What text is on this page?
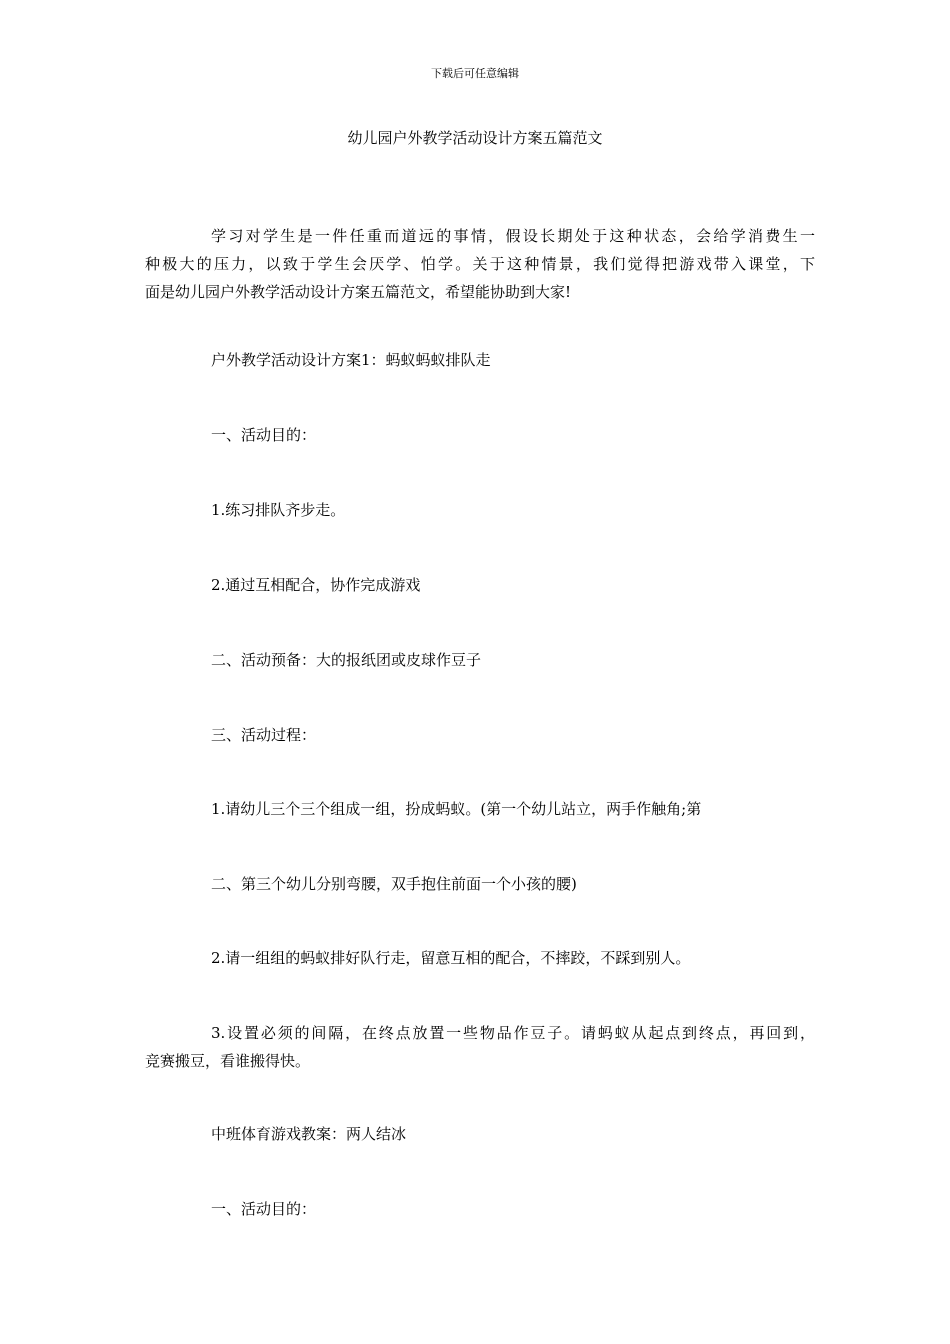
下载后可任意编辑
幼儿园户外教学活动设计方案五篇范文
学习对学生是一件任重而道远的事情，假设长期处于这种状态，会给学消费生一
种极大的压力，以致于学生会厌学、怕学。关于这种情景，我们觉得把游戏带入课堂，下
面是幼儿园户外教学活动设计方案五篇范文，希望能协助到大家!
户外教学活动设计方案1：蚂蚁蚂蚁排队走
一、活动目的：
1.练习排队齐步走。
2.通过互相配合，协作完成游戏
二、活动预备：大的报纸团或皮球作豆子
三、活动过程：
1.请幼儿三个三个组成一组，扮成蚂蚁。(第一个幼儿站立，两手作触角;第
二、第三个幼儿分别弯腰，双手抱住前面一个小孩的腰)
2.请一组组的蚂蚁排好队行走，留意互相的配合，不摔跤，不踩到别人。
3.设置必须的间隔，在终点放置一些物品作豆子。请蚂蚁从起点到终点，再回到，
竞赛搬豆，看谁搬得快。
中班体育游戏教案：两人结冰
一、活动目的：
